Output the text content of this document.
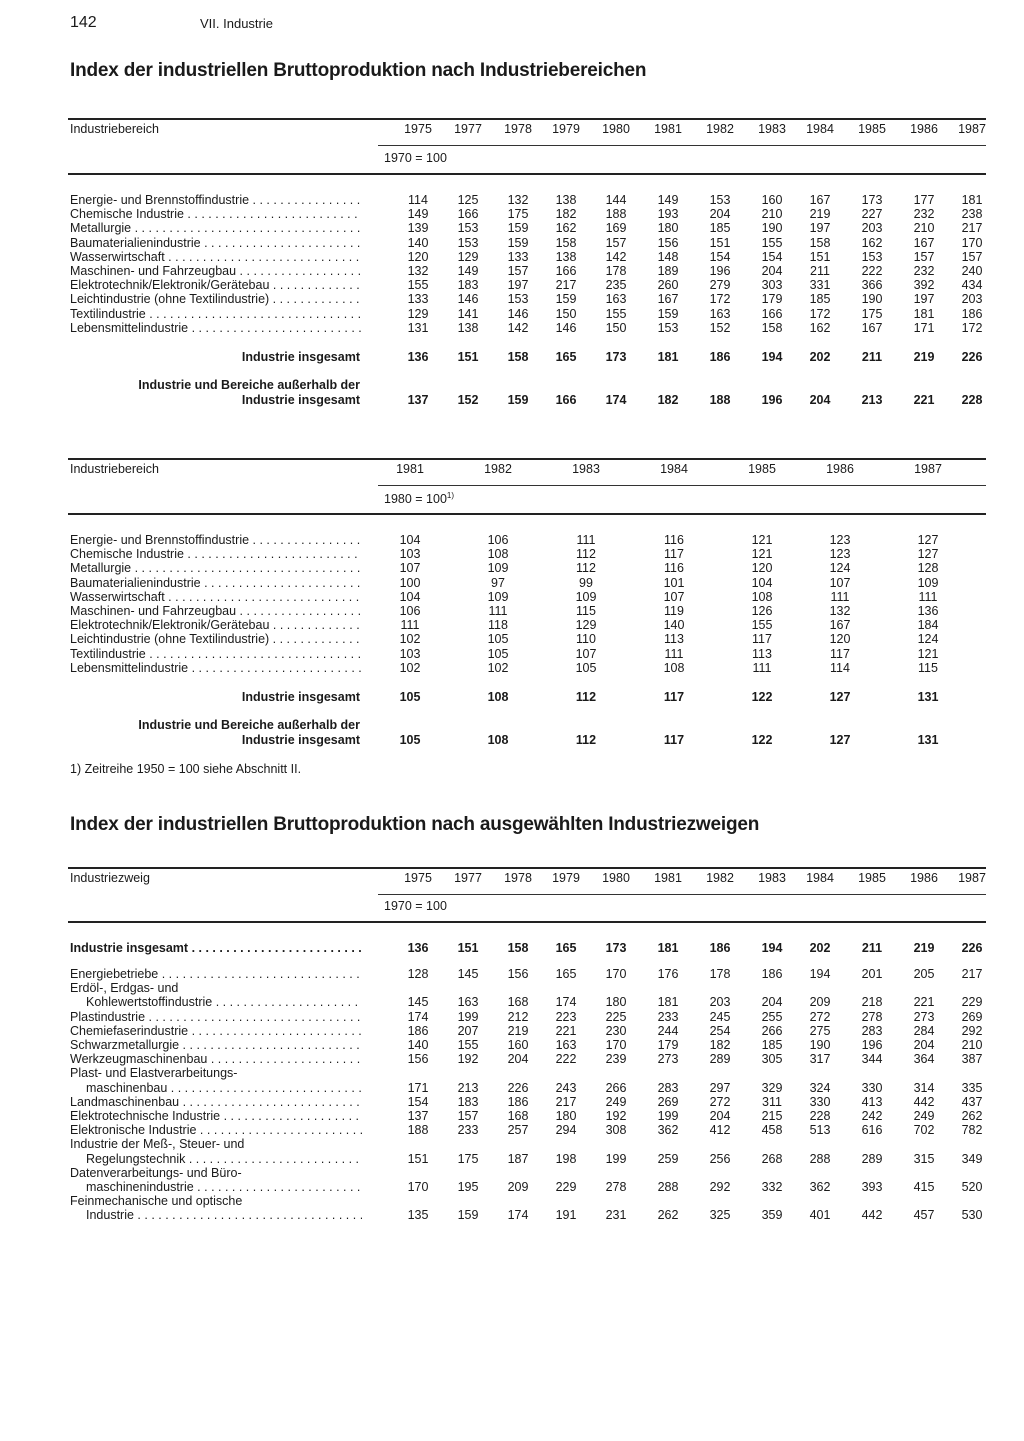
142	VII. Industrie
Index der industriellen Bruttoproduktion nach Industriebereichen
Industriebereich	1975	1977	1978	1979	1980	1981	1982	1983	1984	1985	1986	1987
1970 = 100
Energie- und Brennstoffindustrie . . .	114	125	132	138	144	149	153	160	167	173	177	181
Chemische Industrie . . .	149	166	175	182	188	193	204	210	219	227	232	238
Metallurgie . . .	139	153	159	162	169	180	185	190	197	203	210	217
Baumaterialienindustrie . . .	140	153	159	158	157	156	151	155	158	162	167	170
Wasserwirtschaft . . .	120	129	133	138	142	148	154	154	151	153	157	157
Maschinen- und Fahrzeugbau . . .	132	149	157	166	178	189	196	204	211	222	232	240
Elektrotechnik/Elektronik/Gerätebau . . .	155	183	197	217	235	260	279	303	331	366	392	434
Leichtindustrie (ohne Textilindustrie) . . .	133	146	153	159	163	167	172	179	185	190	197	203
Textilindustrie . . .	129	141	146	150	155	159	163	166	172	175	181	186
Lebensmittelindustrie . . .	131	138	142	146	150	153	152	158	162	167	171	172
Industrie insgesamt	136	151	158	165	173	181	186	194	202	211	219	226
Industrie und Bereiche außerhalb der
Industrie insgesamt	137	152	159	166	174	182	188	196	204	213	221	228
Industriebereich	1981	1982	1983	1984	1985	1986	1987
$1980 = 100^{1)}$
Energie- und Brennstoffindustrie . . .	104	106	111	116	121	123	127
Chemische Industrie . . .	103	108	112	117	121	123	127
Metallurgie . . .	107	109	112	116	120	124	128
Baumaterialienindustrie . . .	100	97	99	101	104	107	109
Wasserwirtschaft . . .	104	109	109	107	108	111	111
Maschinen- und Fahrzeugbau . . .	106	111	115	119	126	132	136
Elektrotechnik/Elektronik/Gerätebau . . .	111	118	129	140	155	167	184
Leichtindustrie (ohne Textilindustrie) . . .	102	105	110	113	117	120	124
Textilindustrie . . .	103	105	107	111	113	117	121
Lebensmittelindustrie . . .	102	102	105	108	111	114	115
Industrie insgesamt	105	108	112	117	122	127	131
Industrie und Bereiche außerhalb der
Industrie insgesamt	105	108	112	117	122	127	131
1) Zeitreihe 1950 = 100 siehe Abschnitt II.
Index der industriellen Bruttoproduktion nach ausgewählten Industriezweigen
Industriezweig	1975	1977	1978	1979	1980	1981	1982	1983	1984	1985	1986	1987
1970 = 100
Industrie insgesamt . . .	136	151	158	165	173	181	186	194	202	211	219	226
Energiebetriebe . . .	128	145	156	165	170	176	178	186	194	201	205	217
Erdöl-, Erdgas- und
Kohlewertstoffindustrie . . .	145	163	168	174	180	181	203	204	209	218	221	229
Plastindustrie . . .	174	199	212	223	225	233	245	255	272	278	273	269
Chemiefaserindustrie . . .	186	207	219	221	230	244	254	266	275	283	284	292
Schwarzmetallurgie . . .	140	155	160	163	170	179	182	185	190	196	204	210
Werkzeugmaschinenbau . . .	156	192	204	222	239	273	289	305	317	344	364	387
Plast- und Elastverarbeitungs-
maschinenbau . . .	171	213	226	243	266	283	297	329	324	330	314	335
Landmaschinenbau . . .	154	183	186	217	249	269	272	311	330	413	442	437
Elektrotechnische Industrie . . .	137	157	168	180	192	199	204	215	228	242	249	262
Elektronische Industrie . . .	188	233	257	294	308	362	412	458	513	616	702	782
Industrie der Meß-, Steuer- und
Regelungstechnik . . .	151	175	187	198	199	259	256	268	288	289	315	349
Datenverarbeitungs- und Büro-
maschinenindustrie . . .	170	195	209	229	278	288	292	332	362	393	415	520
Feinmechanische und optische
Industrie . . .	135	159	174	191	231	262	325	359	401	442	457	530
